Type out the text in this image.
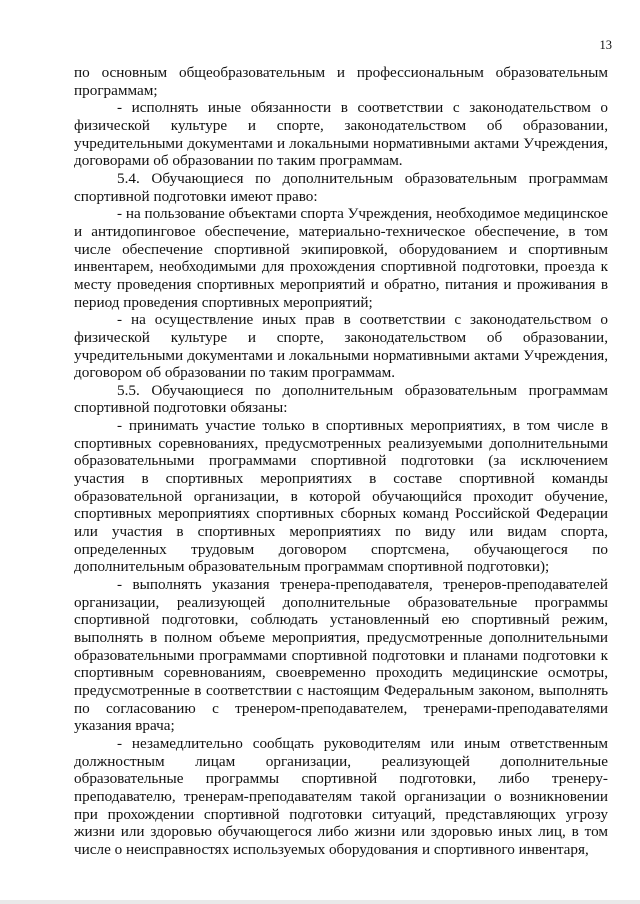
13

по основным общеобразовательным и профессиональным образовательным программам;

- исполнять иные обязанности в соответствии с законодательством о физической культуре и спорте, законодательством об образовании, учредительными документами и локальными нормативными актами Учреждения, договорами об образовании по таким программам.

5.4. Обучающиеся по дополнительным образовательным программам спортивной подготовки имеют право:

- на пользование объектами спорта Учреждения, необходимое медицинское и антидопинговое обеспечение, материально-техническое обеспечение, в том числе обеспечение спортивной экипировкой, оборудованием и спортивным инвентарем, необходимыми для прохождения спортивной подготовки, проезда к месту проведения спортивных мероприятий и обратно, питания и проживания в период проведения спортивных мероприятий;

- на осуществление иных прав в соответствии с законодательством о физической культуре и спорте, законодательством об образовании, учредительными документами и локальными нормативными актами Учреждения, договором об образовании по таким программам.

5.5. Обучающиеся по дополнительным образовательным программам спортивной подготовки обязаны:

- принимать участие только в спортивных мероприятиях, в том числе в спортивных соревнованиях, предусмотренных реализуемыми дополнительными образовательными программами спортивной подготовки (за исключением участия в спортивных мероприятиях в составе спортивной команды образовательной организации, в которой обучающийся проходит обучение, спортивных мероприятиях спортивных сборных команд Российской Федерации или участия в спортивных мероприятиях по виду или видам спорта, определенных трудовым договором спортсмена, обучающегося по дополнительным образовательным программам спортивной подготовки);

- выполнять указания тренера-преподавателя, тренеров-преподавателей организации, реализующей дополнительные образовательные программы спортивной подготовки, соблюдать установленный ею спортивный режим, выполнять в полном объеме мероприятия, предусмотренные дополнительными образовательными программами спортивной подготовки и планами подготовки к спортивным соревнованиям, своевременно проходить медицинские осмотры, предусмотренные в соответствии с настоящим Федеральным законом, выполнять по согласованию с тренером-преподавателем, тренерами-преподавателями указания врача;

- незамедлительно сообщать руководителям или иным ответственным должностным лицам организации, реализующей дополнительные образовательные программы спортивной подготовки, либо тренеру-преподавателю, тренерам-преподавателям такой организации о возникновении при прохождении спортивной подготовки ситуаций, представляющих угрозу жизни или здоровью обучающегося либо жизни или здоровью иных лиц, в том числе о неисправностях используемых оборудования и спортивного инвентаря,
